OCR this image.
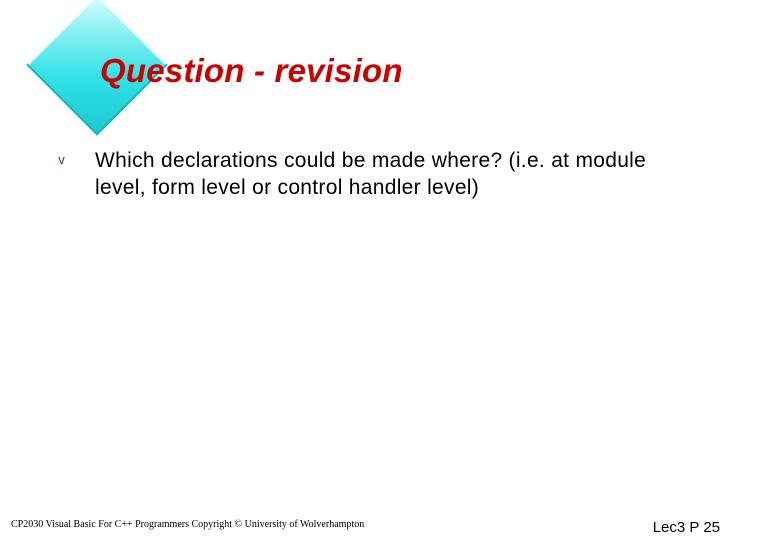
Question - revision
v	Which declarations could be made where? (i.e. at module level, form level or control handler level)
CP2030 Visual Basic For C++ Programmers Copyright © University of Wolverhampton	Lec3 P 25
